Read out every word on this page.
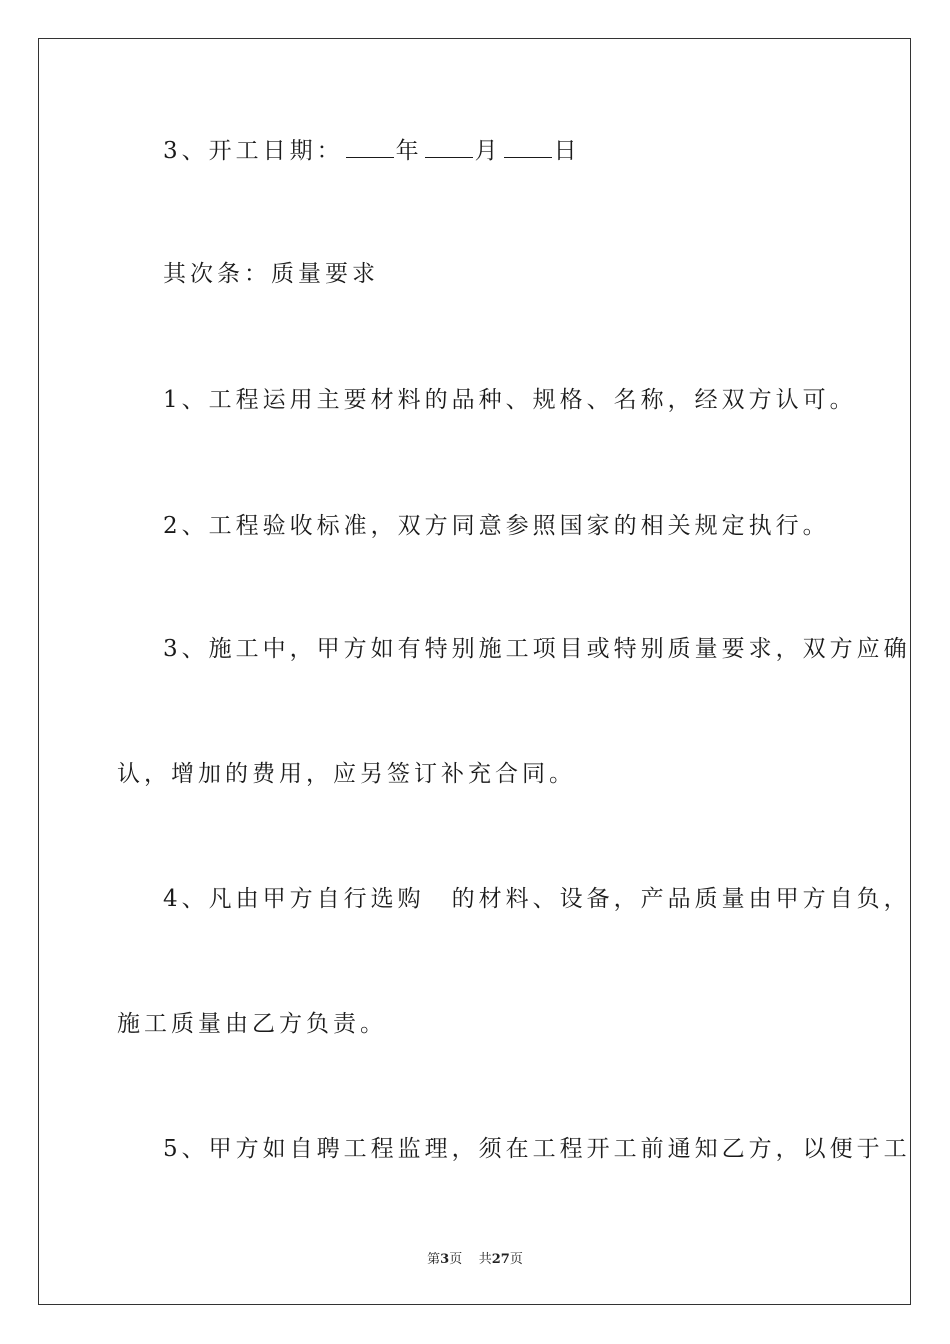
3、开工日期： 年 月 日
其次条：质量要求
1、工程运用主要材料的品种、规格、名称，经双方认可。
2、工程验收标准，双方同意参照国家的相关规定执行。
3、施工中，甲方如有特别施工项目或特别质量要求，双方应确
认，增加的费用，应另签订补充合同。
4、凡由甲方自行选购　的材料、设备，产品质量由甲方自负，
施工质量由乙方负责。
5、甲方如自聘工程监理，须在工程开工前通知乙方，以便于工
第3页 共27页
